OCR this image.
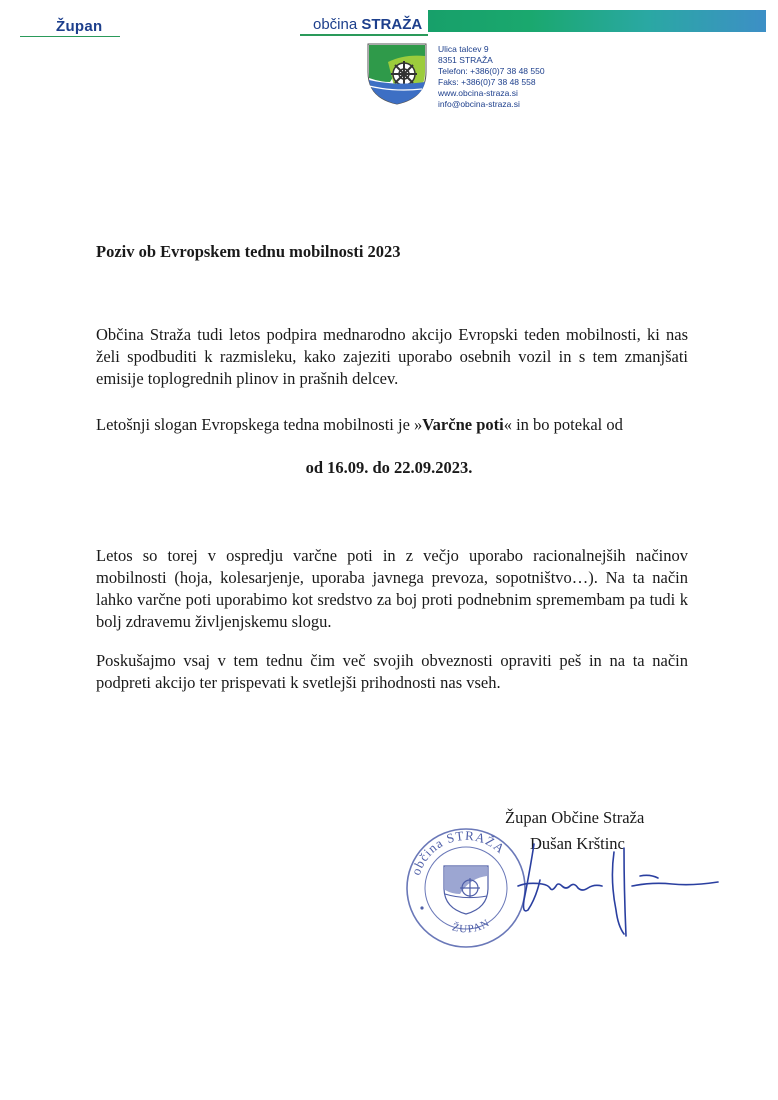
Župan	občina STRAŽA
Ulica talcev 9
8351 STRAŽA
Telefon: +386(0)7 38 48 550
Faks: +386(0)7 38 48 558
www.obcina-straza.si
info@obcina-straza.si
Poziv ob Evropskem tednu mobilnosti 2023
Občina Straža tudi letos podpira mednarodno akcijo Evropski teden mobilnosti, ki nas želi spodbuditi k razmisleku, kako zajeziti uporabo osebnih vozil in s tem zmanjšati emisije toplogrednih plinov in prašnih delcev.
Letošnji slogan Evropskega tedna mobilnosti je »Varčne poti« in bo potekal od
od 16.09. do 22.09.2023.
Letos so torej v ospredju varčne poti in z večjo uporabo racionalnejših načinov mobilnosti (hoja, kolesarjenje, uporaba javnega prevoza, sopotništvo…). Na ta način lahko varčne poti uporabimo kot sredstvo za boj proti podnebnim spremembam pa tudi k bolj zdravemu življenjskemu slogu.
Poskušajmo vsaj v tem tednu čim več svojih obveznosti opraviti peš in na ta način podpreti akcijo ter prispevati k svetlejši prihodnosti nas vseh.
Župan Občine Straža
občina STRAŽA
ŽUPAN
Dušan Krštinc
